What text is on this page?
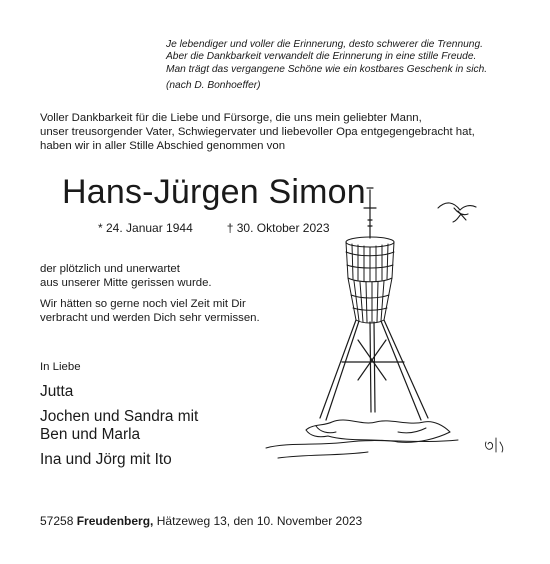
Je lebendiger und voller die Erinnerung, desto schwerer die Trennung.
Aber die Dankbarkeit verwandelt die Erinnerung in eine stille Freude.
Man trägt das vergangene Schöne wie ein kostbares Geschenk in sich.
(nach D. Bonhoeffer)
Voller Dankbarkeit für die Liebe und Fürsorge, die uns mein geliebter Mann,
unser treusorgender Vater, Schwiegervater und liebevoller Opa entgegengebracht hat,
haben wir in aller Stille Abschied genommen von
Hans-Jürgen Simon
* 24. Januar 1944	† 30. Oktober 2023
der plötzlich und unerwartet
aus unserer Mitte gerissen wurde.
Wir hätten so gerne noch viel Zeit mit Dir
verbracht und werden Dich sehr vermissen.
In Liebe
Jutta
Jochen und Sandra mit
Ben und Marla
Ina und Jörg mit Ito
57258 Freudenberg, Hätzeweg 13, den 10. November 2023
